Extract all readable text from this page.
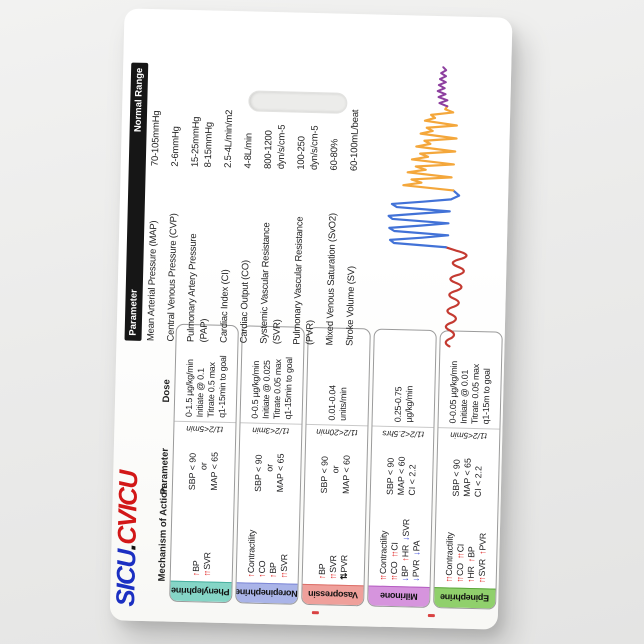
SICU.CVICU Mechanism of Action
Parameter
Dose
Phenylephrine
↑BP
↑↑SVR
SBP < 90 or MAP < 65
t1/2<5min
0-1.5 µg/kg/min Initiate @ 0.1 Titrate 0.5 max q1-15min to goal
Norepinephrine
↑Contractility
↑CO
↑BP
↑↑SVR
SBP < 90 or MAP < 65
t1/2<3min
0-0.5 µg/kg/min Initiate @ 0.025 Titrate 0.05 max q1-15min to goal
Vasopressin
↑BP
↑↑SVR
⇅PVR
SBP < 90 or MAP < 60
t1/2<20min
0.01-0.04 units/min
Milrinone
↑↑Contractility
↑↑CO↑↑CI
↓BP↑HR↓SVR
↓PVR↓PA
SBP < 90 MAP < 60 CI < 2.2
t1/2<2.5hrs
0.25-0.75 µg/kg/min
Epinephrine
↑↑Contractility
↑↑CO↑↑CI
↑HR↑BP
↑↑SVR↑PVR
SBP < 90 MAP < 65 CI < 2.2
t1/2<5min
0-0.05 µg/kg/min Initiate @ 0.01 Titrate 0.05 max q1-15m to goal
Parameter
Normal Range
Mean Arterial Pressure (MAP)
70-105mmHg
Central Venous Pressure (CVP)
2-6mmHg
Pulmonary Artery Pressure (PAP)
15-25mmHg 8-15mmHg
Cardiac Index (CI)
2.5-4L/min/m2
Cardiac Output (CO)
4-8L/min
Systemic Vascular Resistance (SVR)
800-1200 dyn/s/cm-5
Pulmonary Vascular Resistance
(PVR)
100-250 dyn/s/cm-5
Mixed Venous Saturation (SvO2)
60-80%
Stroke Volume (SV)
60-100mL/beat
